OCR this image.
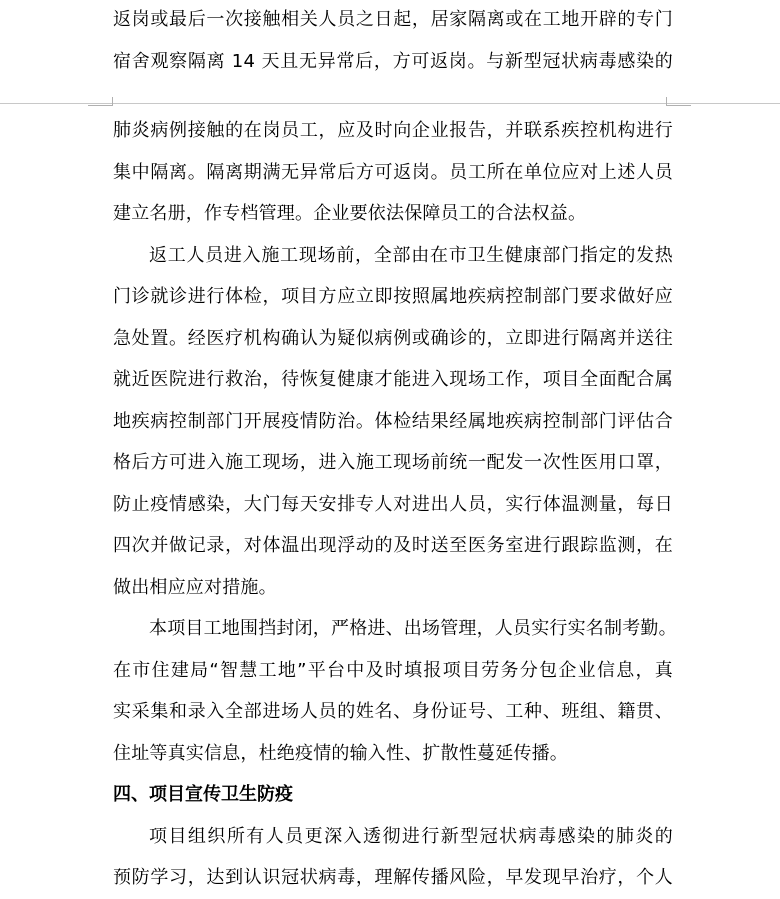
返岗或最后一次接触相关人员之日起，居家隔离或在工地开辟的专门
宿舍观察隔离 14 天且无异常后，方可返岗。与新型冠状病毒感染的
肺炎病例接触的在岗员工，应及时向企业报告，并联系疾控机构进行
集中隔离。隔离期满无异常后方可返岗。员工所在单位应对上述人员
建立名册，作专档管理。企业要依法保障员工的合法权益。
返工人员进入施工现场前，全部由在市卫生健康部门指定的发热
门诊就诊进行体检，项目方应立即按照属地疾病控制部门要求做好应
急处置。经医疗机构确认为疑似病例或确诊的，立即进行隔离并送往
就近医院进行救治，待恢复健康才能进入现场工作，项目全面配合属
地疾病控制部门开展疫情防治。体检结果经属地疾病控制部门评估合
格后方可进入施工现场，进入施工现场前统一配发一次性医用口罩，
防止疫情感染，大门每天安排专人对进出人员，实行体温测量，每日
四次并做记录，对体温出现浮动的及时送至医务室进行跟踪监测，在
做出相应应对措施。
本项目工地围挡封闭，严格进、出场管理，人员实行实名制考勤。
在市住建局“智慧工地”平台中及时填报项目劳务分包企业信息，真
实采集和录入全部进场人员的姓名、身份证号、工种、班组、籍贯、
住址等真实信息，杜绝疫情的输入性、扩散性蔓延传播。
四、项目宣传卫生防疫
项目组织所有人员更深入透彻进行新型冠状病毒感染的肺炎的
预防学习，达到认识冠状病毒，理解传播风险，早发现早治疗，个人
